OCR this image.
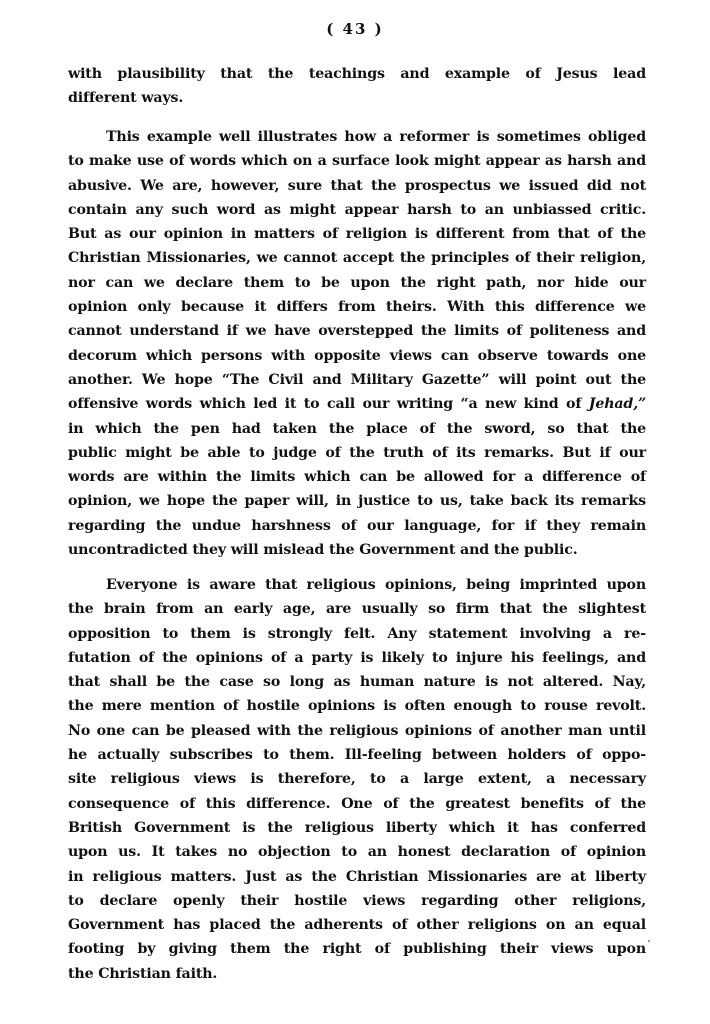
( 43 )
with plausibility that the teachings and example of Jesus lead
different ways.
This example well illustrates how a reformer is sometimes obliged
to make use of words which on a surface look might appear as harsh and
abusive. We are, however, sure that the prospectus we issued did not
contain any such word as might appear harsh to an unbiassed critic.
But as our opinion in matters of religion is different from that of the
Christian Missionaries, we cannot accept the principles of their religion,
nor can we declare them to be upon the right path, nor hide our
opinion only because it differs from theirs. With this difference we
cannot understand if we have overstepped the limits of politeness and
decorum which persons with opposite views can observe towards one
another. We hope “The Civil and Military Gazette” will point out the
offensive words which led it to call our writing “a new kind of Jehad,”
in which the pen had taken the place of the sword, so that the
public might be able to judge of the truth of its remarks. But if our
words are within the limits which can be allowed for a difference of
opinion, we hope the paper will, in justice to us, take back its remarks
regarding the undue harshness of our language, for if they remain
uncontradicted they will mislead the Government and the public.
Everyone is aware that religious opinions, being imprinted upon
the brain from an early age, are usually so firm that the slightest
opposition to them is strongly felt. Any statement involving a re-
futation of the opinions of a party is likely to injure his feelings, and
that shall be the case so long as human nature is not altered. Nay,
the mere mention of hostile opinions is often enough to rouse revolt.
No one can be pleased with the religious opinions of another man until
he actually subscribes to them. Ill-feeling between holders of oppo-
site religious views is therefore, to a large extent, a necessary
consequence of this difference. One of the greatest benefits of the
British Government is the religious liberty which it has conferred
upon us. It takes no objection to an honest declaration of opinion
in religious matters. Just as the Christian Missionaries are at liberty
to declare openly their hostile views regarding other religions,
Government has placed the adherents of other religions on an equal
footing by giving them the right of publishing their views upon
the Christian faith.
